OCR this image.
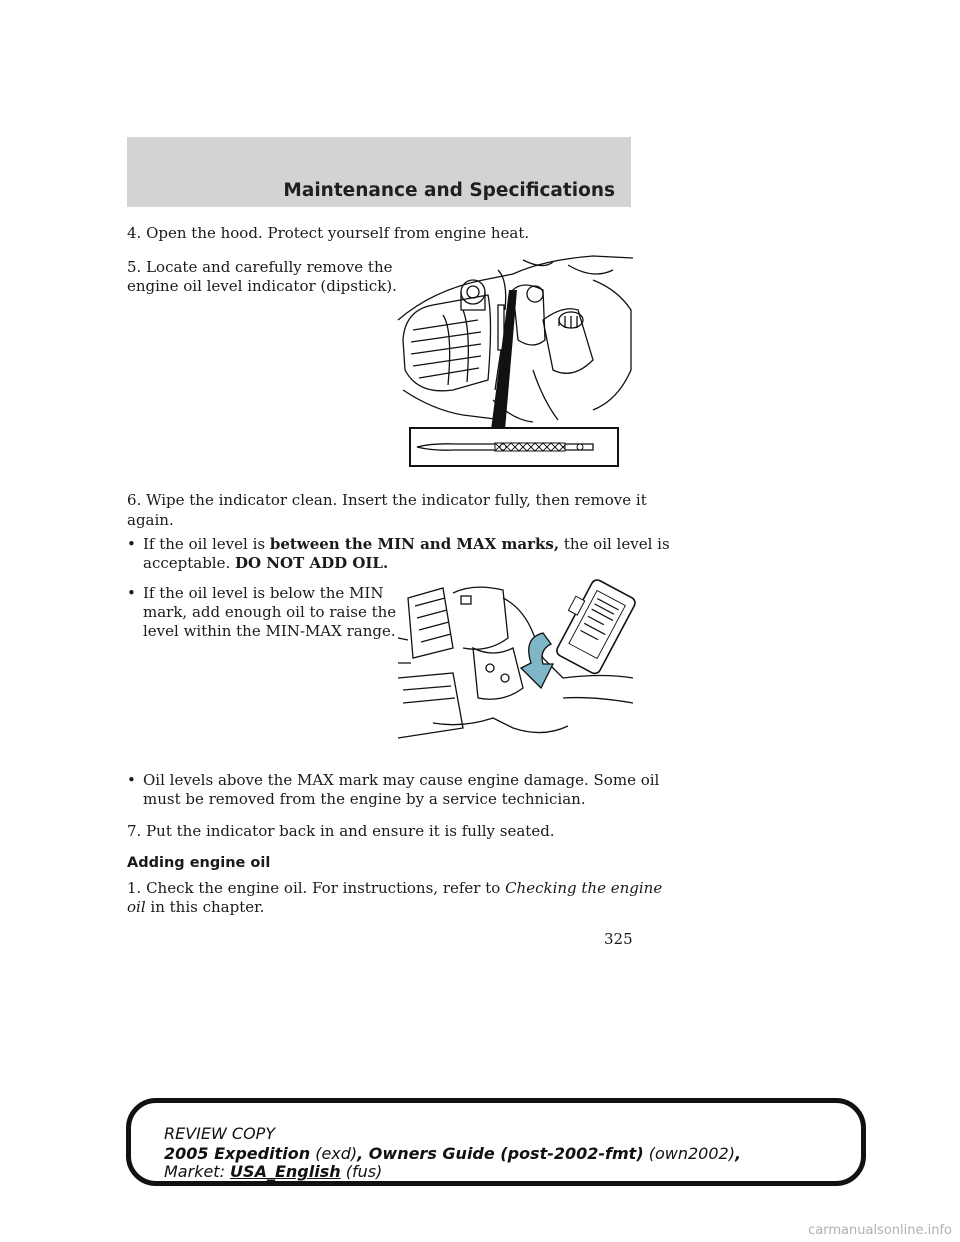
Maintenance and Specifications

4. Open the hood. Protect yourself from engine heat.

5. Locate and carefully remove the

engine oil level indicator (dipstick).

6. Wipe the indicator clean. Insert the indicator fully, then remove it

again.

• If the oil level is between the MIN and MAX marks, the oil level is

acceptable. DO NOT ADD OIL.

• If the oil level is below the MIN

mark, add enough oil to raise the

level within the MIN-MAX range.

• Oil levels above the MAX mark may cause engine damage. Some oil

must be removed from the engine by a service technician.

7. Put the indicator back in and ensure it is fully seated.

Adding engine oil

1. Check the engine oil. For instructions, refer to Checking the engine

oil in this chapter.

325
REVIEW COPY
2005 Expedition (exd), Owners Guide (post-2002-fmt) (own2002),
Market: USA_English (fus)
carmanualsonline.info
